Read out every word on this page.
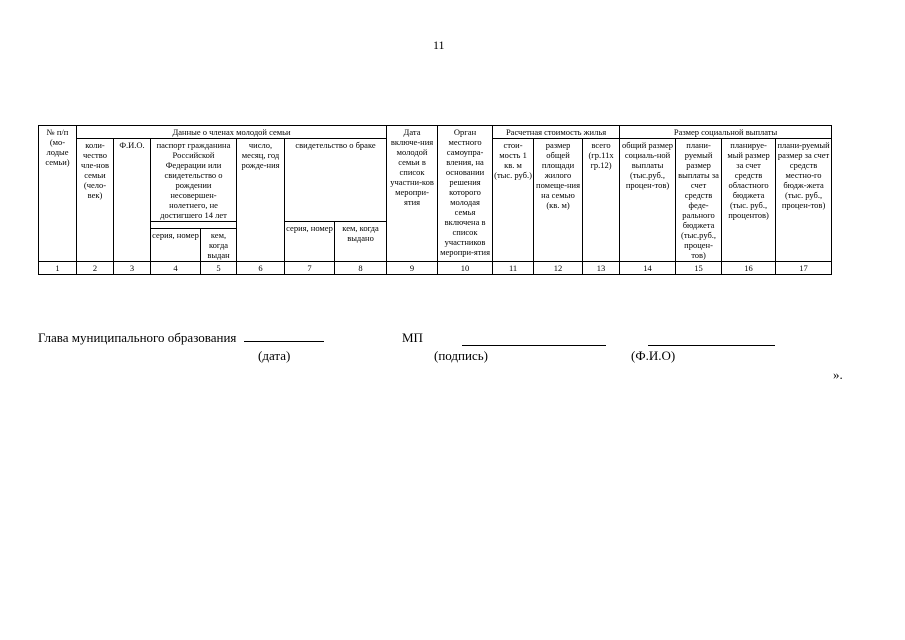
11
№ п/п (мо-лодые семьи)	Данные о членах молодой семьи							Дата включе-ния молодой семьи в список участни-ков меропри-ятия	Орган местного самоупра-вления, на основании решения которого молодая семья включена в список участников меропри-ятия	Расчетная стоимость жилья			Размер социальной выплаты			
	коли-чество чле-нов семьи (чело-век)	Ф.И.О.	паспорт гражданина Российской Федерации или свидетельство о рождении несовершен-нолетнего, не достигшего 14 лет		число, месяц, год рожде-ния	свидетельство о браке				стои-мость 1 кв. м (тыс. руб.)	размер общей площади жилого помеще-ния на семью (кв. м)	всего (гр.11х гр.12)	общий размер социаль-ной выплаты (тыс.руб., процен-тов)	плани-руемый размер выплаты за счет средств феде-рального бюджета (тыс.руб., процен-тов)	планируе-мый размер за счет средств областного бюджета (тыс. руб., процентов)	плани-руемый размер за счет средств местно-го бюдж-жета (тыс. руб., процен-тов)
						серия, номер	кем, когда выдано									
			серия, номер	кем, когда выдан												
1	2	3	4	5	6	7	8	9	10	11	12	13	14	15	16	17
Глава муниципального образования	МП
(дата)	(подпись)	(Ф.И.О)
».
